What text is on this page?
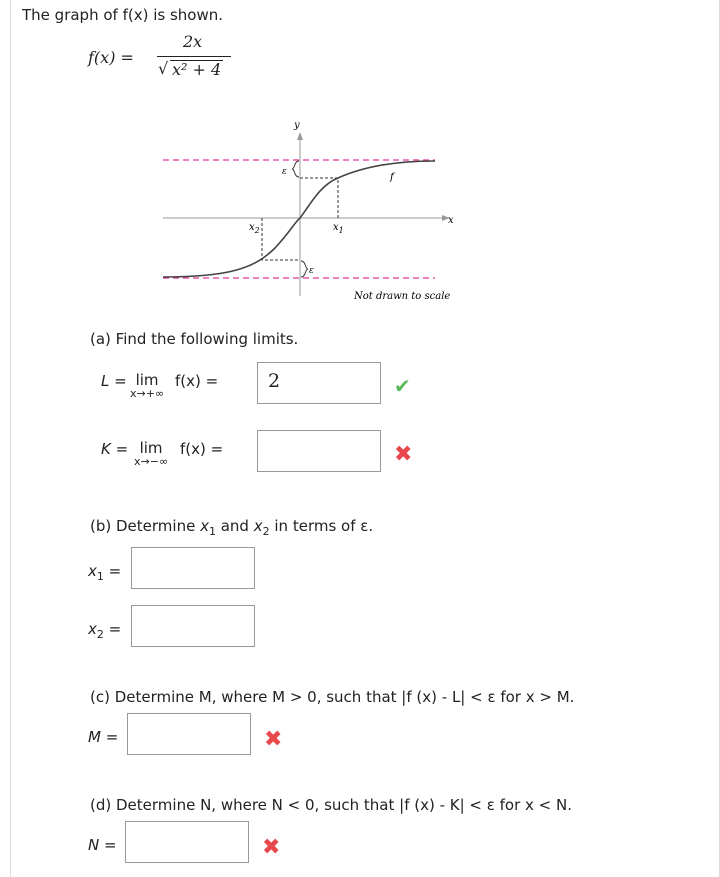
The graph of f(x) is shown.
f(x) =
2x
√ x² + 4
y
x
f
ε
ε
$x_1$
$x_2$
Not drawn to scale
(a) Find the following limits.
L = lim
x→+∞
f(x) =	2	✔
K = lim
x→−∞
f(x) =	✖
(b) Determine $x_1$ and $x_2$ in terms of ε.
$x_1$ =
$x_2$ =
(c) Determine M, where M > 0, such that |f (x) - L| < ε for x > M.
M =	✖
(d) Determine N, where N < 0, such that |f (x) - K| < ε for x < N.
N =	✖
